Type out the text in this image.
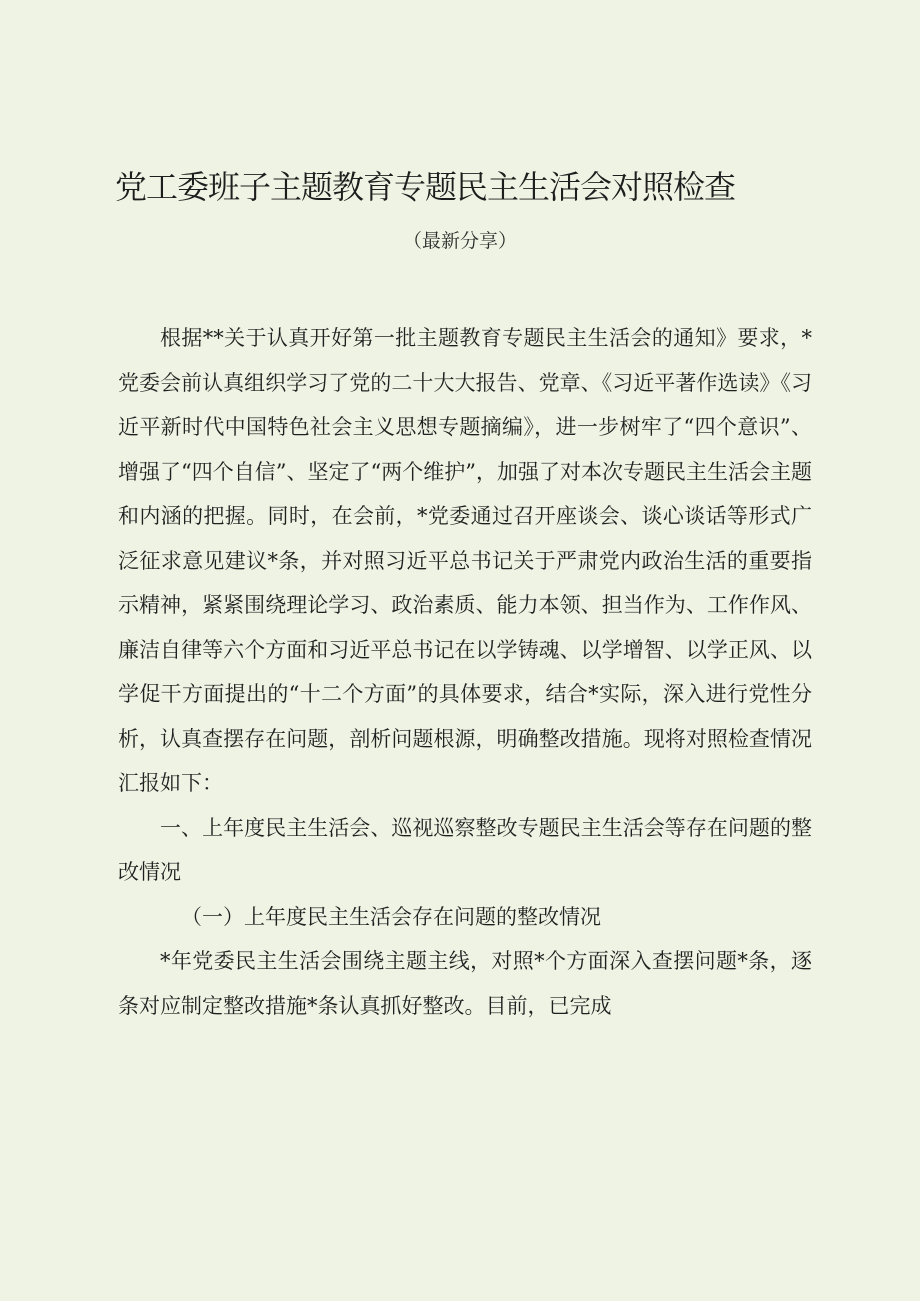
党工委班子主题教育专题民主生活会对照检查
（最新分享）

根据**关于认真开好第一批主题教育专题民主生活会的通知》要求，*党委会前认真组织学习了党的二十大大报告、党章、《习近平著作选读》《习近平新时代中国特色社会主义思想专题摘编》，进一步树牢了“四个意识”、增强了“四个自信”、坚定了“两个维护”，加强了对本次专题民主生活会主题和内涵的把握。同时，在会前，*党委通过召开座谈会、谈心谈话等形式广泛征求意见建议*条，并对照习近平总书记关于严肃党内政治生活的重要指示精神，紧紧围绕理论学习、政治素质、能力本领、担当作为、工作作风、廉洁自律等六个方面和习近平总书记在以学铸魂、以学增智、以学正风、以学促干方面提出的“十二个方面”的具体要求，结合*实际，深入进行党性分析，认真查摆存在问题，剖析问题根源，明确整改措施。现将对照检查情况汇报如下：

一、上年度民主生活会、巡视巡察整改专题民主生活会等存在问题的整改情况

（一）上年度民主生活会存在问题的整改情况

*年党委民主生活会围绕主题主线，对照*个方面深入查摆问题*条，逐条对应制定整改措施*条认真抓好整改。目前，已完成
